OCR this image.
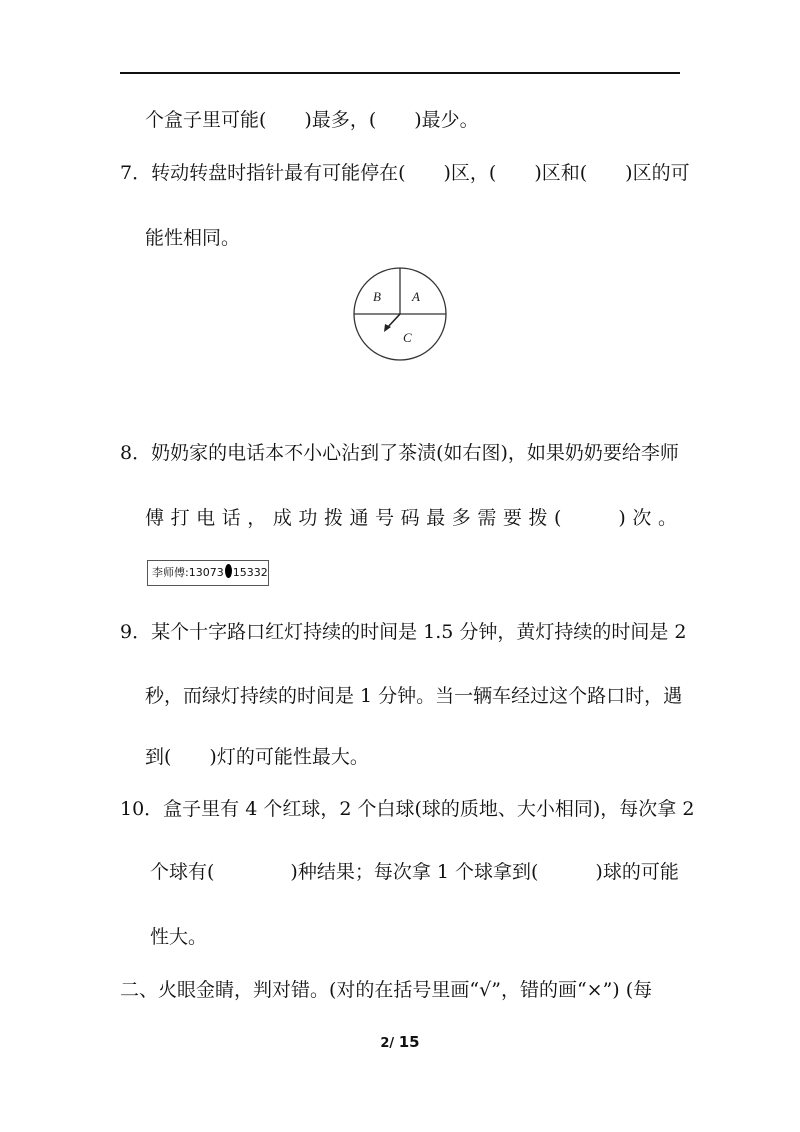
个盒子里可能(　　)最多，(　　)最少。
7．转动转盘时指针最有可能停在(　　)区，(　　)区和(　　)区的可
能性相同。
B A
C
8．奶奶家的电话本不小心沾到了茶渍(如右图)，如果奶奶要给李师
傅 打 电 话 ， 成 功 拨 通 号 码 最 多 需 要 拨 (　　　) 次 。
李师傅:13073 15332
9．某个十字路口红灯持续的时间是 1.5 分钟，黄灯持续的时间是 2
秒，而绿灯持续的时间是 1 分钟。当一辆车经过这个路口时，遇
到(　　)灯的可能性最大。
10．盒子里有 4 个红球，2 个白球(球的质地、大小相同)，每次拿 2
个球有(　　　　)种结果；每次拿 1 个球拿到(　　　)球的可能
性大。
二、火眼金睛，判对错。(对的在括号里画“√”，错的画“×”) (每
2/ 15
